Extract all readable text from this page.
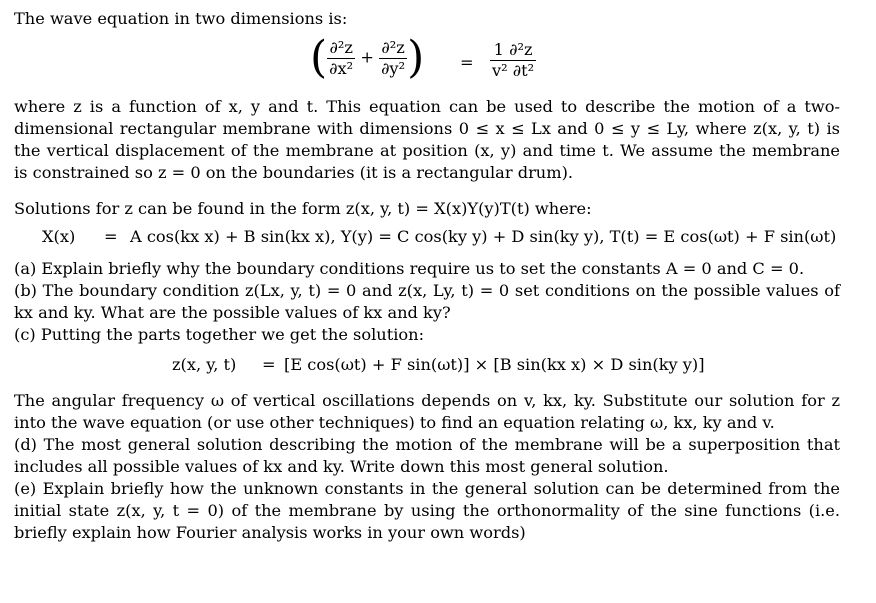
The wave equation in two dimensions is:

( $\frac{\text{∂²z}}{\text{∂x²}} + \frac{\text{∂²z}}{\text{∂y²}}$ ) = $\frac{\text{1 ∂²z}}{\text{v² ∂t²}}$

where z is a function of x, y and t. This equation can be used to describe the motion of a two-dimensional rectangular membrane with dimensions 0 ≤ x ≤ Lx and 0 ≤ y ≤ Ly, where z(x, y, t) is the vertical displacement of the membrane at position (x, y) and time t. We assume the membrane is constrained so z = 0 on the boundaries (it is a rectangular drum).

Solutions for z can be found in the form z(x, y, t) = X(x)Y(y)T(t) where:

X(x) = A cos(kx x) + B sin(kx x), Y(y) = C cos(ky y) + D sin(ky y), T(t) = E cos(ωt) + F sin(ωt)

(a) Explain briefly why the boundary conditions require us to set the constants A = 0 and C = 0.

(b) The boundary condition z(Lx, y, t) = 0 and z(x, Ly, t) = 0 set conditions on the possible values of kx and ky. What are the possible values of kx and ky?

(c) Putting the parts together we get the solution:

z(x, y, t) = [E cos(ωt) + F sin(ωt)] × [B sin(kx x) × D sin(ky y)]

The angular frequency ω of vertical oscillations depends on v, kx, ky. Substitute our solution for z into the wave equation (or use other techniques) to find an equation relating ω, kx, ky and v.

(d) The most general solution describing the motion of the membrane will be a superposition that includes all possible values of kx and ky. Write down this most general solution.

(e) Explain briefly how the unknown constants in the general solution can be determined from the initial state z(x, y, t = 0) of the membrane by using the orthonormality of the sine functions (i.e. briefly explain how Fourier analysis works in your own words)
